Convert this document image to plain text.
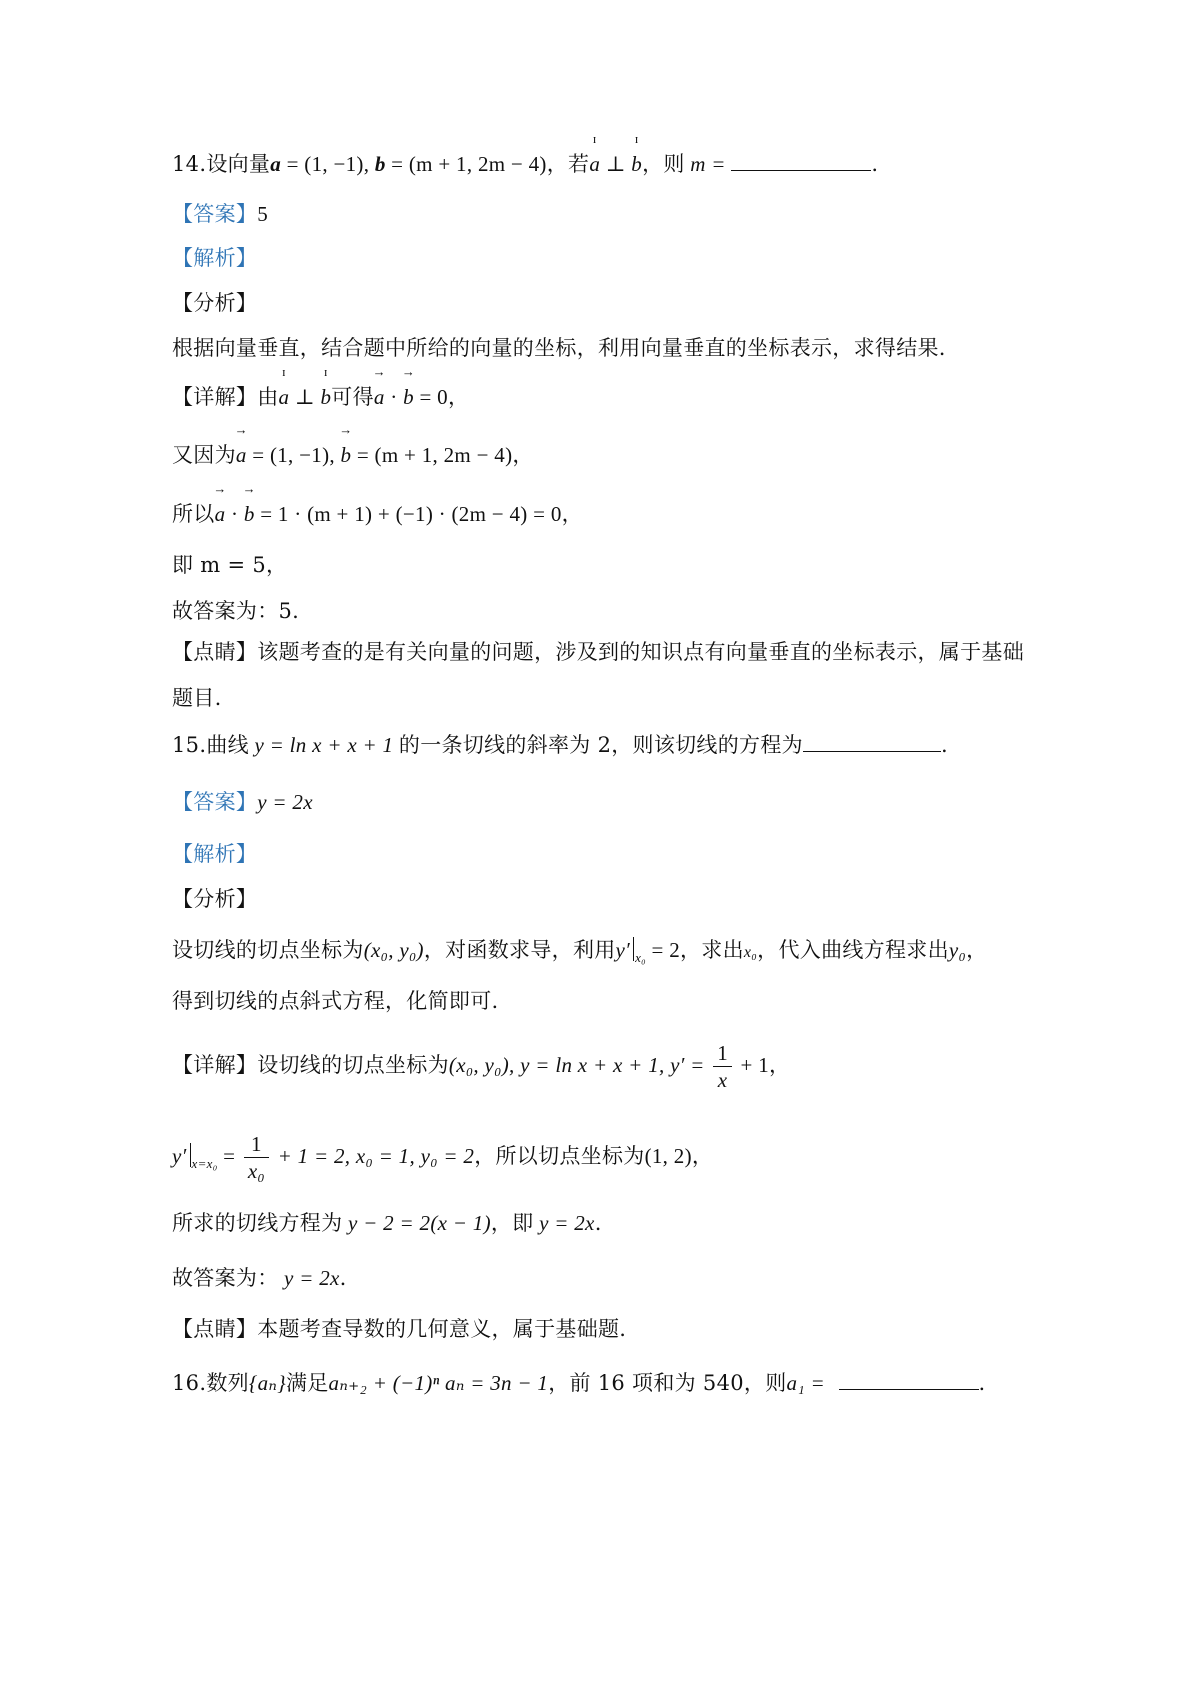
14.设向量a = (1, −1), b = (m + 1, 2m − 4)，若
ɪ
a ⊥
ɪ
b，则 m =	.
【答案】5
【解析】
【分析】
根据向量垂直，结合题中所给的向量的坐标，利用向量垂直的坐标表示，求得结果.
【详解】由
ɪ
a ⊥
ɪ
b可得
→
a ·
→
b = 0，
又因为
→
a = (1, −1),
→
b = (m + 1, 2m − 4)，
所以
→
a ·
→
b = 1 · (m + 1) + (−1) · (2m − 4) = 0，
即 m = 5，
故答案为：5.
【点睛】该题考查的是有关向量的问题，涉及到的知识点有向量垂直的坐标表示，属于基础
题目.
15.曲线 y = ln x + x + 1 的一条切线的斜率为 2，则该切线的方程为	.
【答案】y = 2x
【解析】
【分析】
设切线的切点坐标为(x₀, y₀)，对函数求导，利用y′ $_{x_0}$ = 2，求出x₀，代入曲线方程求出y₀，
得到切线的点斜式方程，化简即可.
【详解】设切线的切点坐标为(x₀, y₀), y = ln x + x + 1, $y' = \frac{1}{x} + 1$，
y′ $_{x=x_0} = \frac{1}{\text{x₀}} + 1 = 2$, x₀ = 1, y₀ = 2，所以切点坐标为(1, 2)，
所求的切线方程为 y − 2 = 2(x − 1)，即 y = 2x.
故答案为： y = 2x.
【点睛】本题考查导数的几何意义，属于基础题.
16.数列{aₙ}满足aₙ₊₂ + (−1)ⁿ aₙ = 3n − 1，前 16 项和为 540，则a₁ =	.
